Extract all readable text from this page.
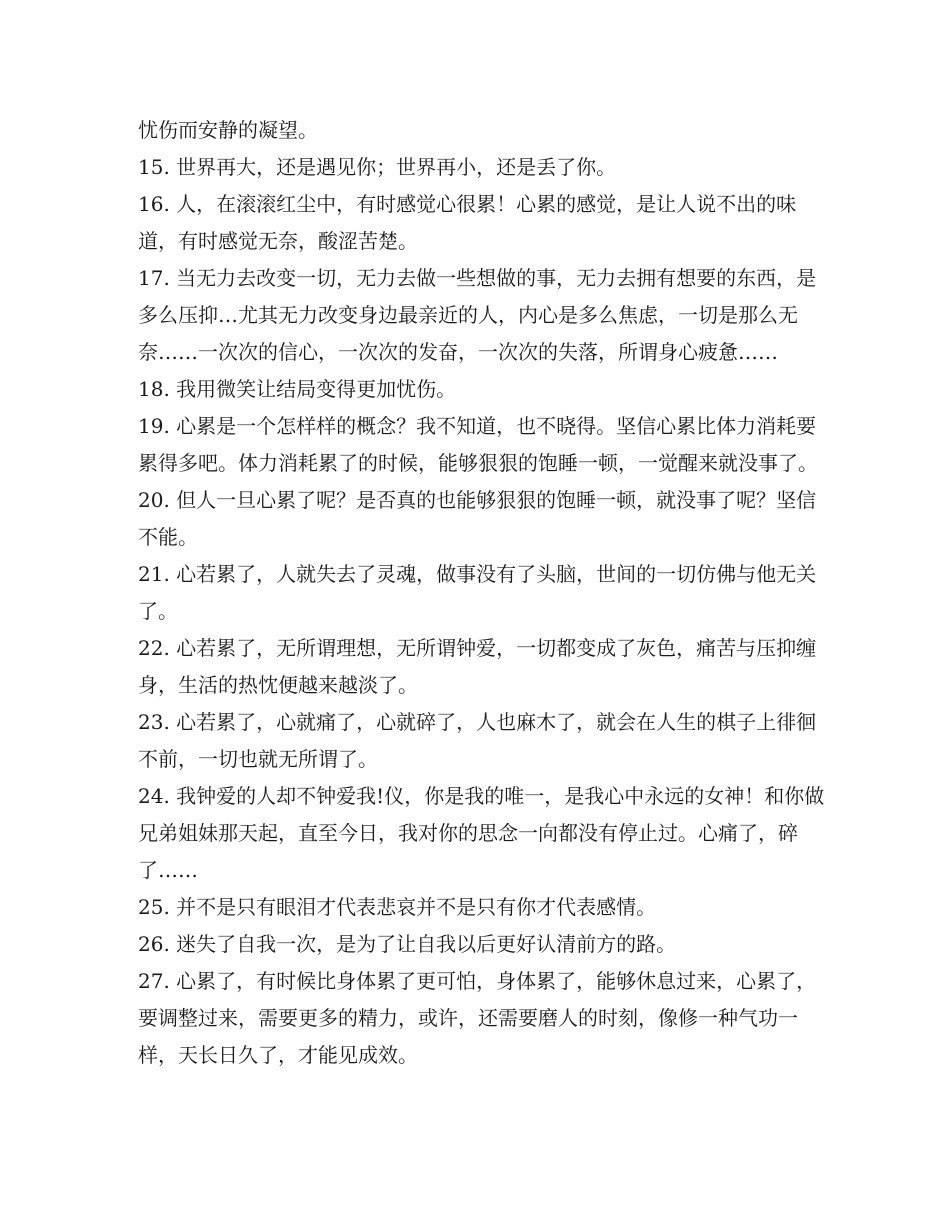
忧伤而安静的凝望。

15. 世界再大，还是遇见你；世界再小，还是丢了你。

16. 人，在滚滚红尘中，有时感觉心很累！心累的感觉，是让人说不出的味道，有时感觉无奈，酸涩苦楚。

17. 当无力去改变一切，无力去做一些想做的事，无力去拥有想要的东西，是多么压抑…尤其无力改变身边最亲近的人，内心是多么焦虑，一切是那么无奈……一次次的信心，一次次的发奋，一次次的失落，所谓身心疲惫……

18. 我用微笑让结局变得更加忧伤。

19. 心累是一个怎样样的概念？我不知道，也不晓得。坚信心累比体力消耗要累得多吧。体力消耗累了的时候，能够狠狠的饱睡一顿，一觉醒来就没事了。

20. 但人一旦心累了呢？是否真的也能够狠狠的饱睡一顿，就没事了呢？坚信不能。

21. 心若累了，人就失去了灵魂，做事没有了头脑，世间的一切仿佛与他无关了。

22. 心若累了，无所谓理想，无所谓钟爱，一切都变成了灰色，痛苦与压抑缠身，生活的热忱便越来越淡了。

23. 心若累了，心就痛了，心就碎了，人也麻木了，就会在人生的棋子上徘徊不前，一切也就无所谓了。

24. 我钟爱的人却不钟爱我!仪，你是我的唯一，是我心中永远的女神！和你做兄弟姐妹那天起，直至今日，我对你的思念一向都没有停止过。心痛了，碎了……

25. 并不是只有眼泪才代表悲哀并不是只有你才代表感情。

26. 迷失了自我一次，是为了让自我以后更好认清前方的路。

27. 心累了，有时候比身体累了更可怕，身体累了，能够休息过来，心累了，要调整过来，需要更多的精力，或许，还需要磨人的时刻，像修一种气功一样，天长日久了，才能见成效。
